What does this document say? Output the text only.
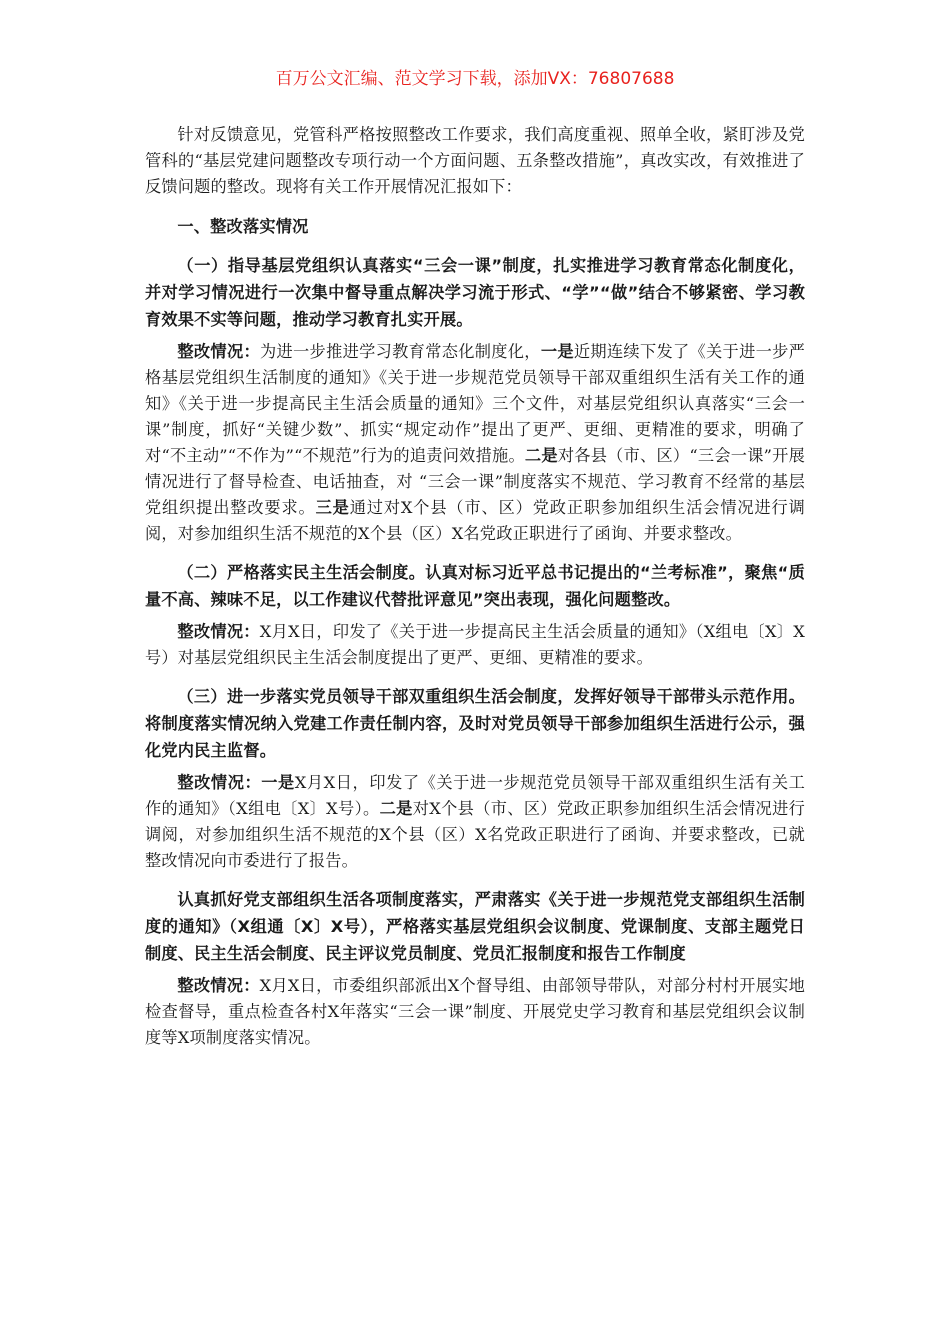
百万公文汇编、范文学习下载，添加VX：76807688

针对反馈意见，党管科严格按照整改工作要求，我们高度重视、照单全收，紧盯涉及党管科的“基层党建问题整改专项行动一个方面问题、五条整改措施”，真改实改，有效推进了反馈问题的整改。现将有关工作开展情况汇报如下：

一、整改落实情况

（一）指导基层党组织认真落实“三会一课”制度，扎实推进学习教育常态化制度化，并对学习情况进行一次集中督导重点解决学习流于形式、“学”“做”结合不够紧密、学习教育效果不实等问题，推动学习教育扎实开展。

整改情况：为进一步推进学习教育常态化制度化，一是近期连续下发了《关于进一步严格基层党组织生活制度的通知》《关于进一步规范党员领导干部双重组织生活有关工作的通知》《关于进一步提高民主生活会质量的通知》三个文件，对基层党组织认真落实“三会一课”制度，抓好“关键少数”、抓实“规定动作”提出了更严、更细、更精准的要求，明确了对“不主动”“不作为”“不规范”行为的追责问效措施。二是对各县（市、区）“三会一课”开展情况进行了督导检查、电话抽查，对 “三会一课”制度落实不规范、学习教育不经常的基层党组织提出整改要求。三是通过对X个县（市、区）党政正职参加组织生活会情况进行调阅，对参加组织生活不规范的X个县（区）X名党政正职进行了函询、并要求整改。

（二）严格落实民主生活会制度。认真对标习近平总书记提出的“兰考标准”，聚焦“质量不高、辣味不足，以工作建议代替批评意见”突出表现，强化问题整改。

整改情况：X月X日，印发了《关于进一步提高民主生活会质量的通知》（X组电〔X〕X号）对基层党组织民主生活会制度提出了更严、更细、更精准的要求。

（三）进一步落实党员领导干部双重组织生活会制度，发挥好领导干部带头示范作用。将制度落实情况纳入党建工作责任制内容，及时对党员领导干部参加组织生活进行公示，强化党内民主监督。

整改情况：一是X月X日，印发了《关于进一步规范党员领导干部双重组织生活有关工作的通知》（X组电〔X〕X号）。二是对X个县（市、区）党政正职参加组织生活会情况进行调阅，对参加组织生活不规范的X个县（区）X名党政正职进行了函询、并要求整改，已就整改情况向市委进行了报告。

认真抓好党支部组织生活各项制度落实，严肃落实《关于进一步规范党支部组织生活制度的通知》（X组通〔X〕X号），严格落实基层党组织会议制度、党课制度、支部主题党日制度、民主生活会制度、民主评议党员制度、党员汇报制度和报告工作制度

整改情况：X月X日，市委组织部派出X个督导组、由部领导带队，对部分村村开展实地检查督导，重点检查各村X年落实“三会一课”制度、开展党史学习教育和基层党组织会议制度等X项制度落实情况。
